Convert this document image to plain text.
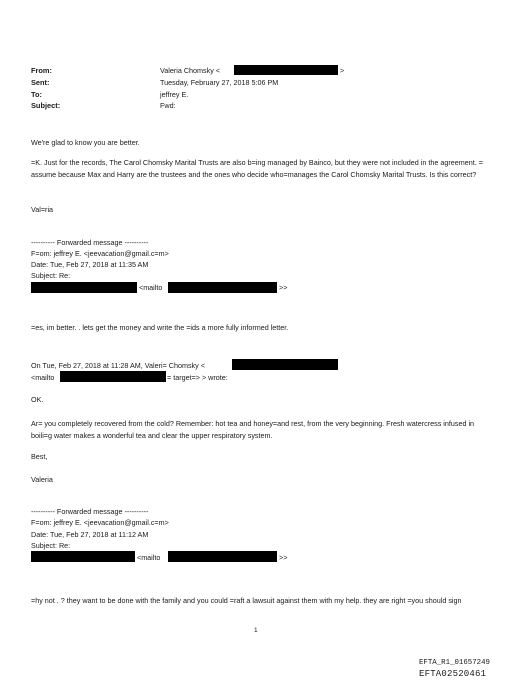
From:	Valeria Chomsky <	>
Sent:	Tuesday, February 27, 2018 5:06 PM
To:	jeffrey E.
Subject:	Fwd:
We're glad to know you are better.
=K. Just for the records, The Carol Chomsky Marital Trusts are also b=ing managed by Bainco, but they were not included in the agreement. = assume because Max and Harry are the trustees and the ones who decide who=manages the Carol Chomsky Marital Trusts. Is this correct?
Val=ria
---------- Forwarded message ----------
F=om: jeffrey E. <jeevacation@gmail.c=m>
Date: Tue, Feb 27, 2018 at 11:35 AM
Subject: Re:
<mailto	>>
=es, im better. . lets get the money and write the =ids a more fully informed letter.
On Tue, Feb 27, 2018 at 11:28 AM, Valeri= Chomsky <
<mailto	= target=> > wrote:
OK.
Ar= you completely recovered from the cold? Remember: hot tea and honey=and rest, from the very beginning. Fresh watercress infused in boili=g water makes a wonderful tea and clear the upper respiratory system.
Best,
Valeria
---------- Forwarded message ----------
F=om: jeffrey E. <jeevacation@gmail.c=m>
Date: Tue, Feb 27, 2018 at 11:12 AM
Subject: Re:
<mailto	>>
=hy not . ? they want to be done with the family and you could =raft a lawsuit against them with my help. they are right =you should sign
1
EFTA_R1_01657249
EFTA02520461
